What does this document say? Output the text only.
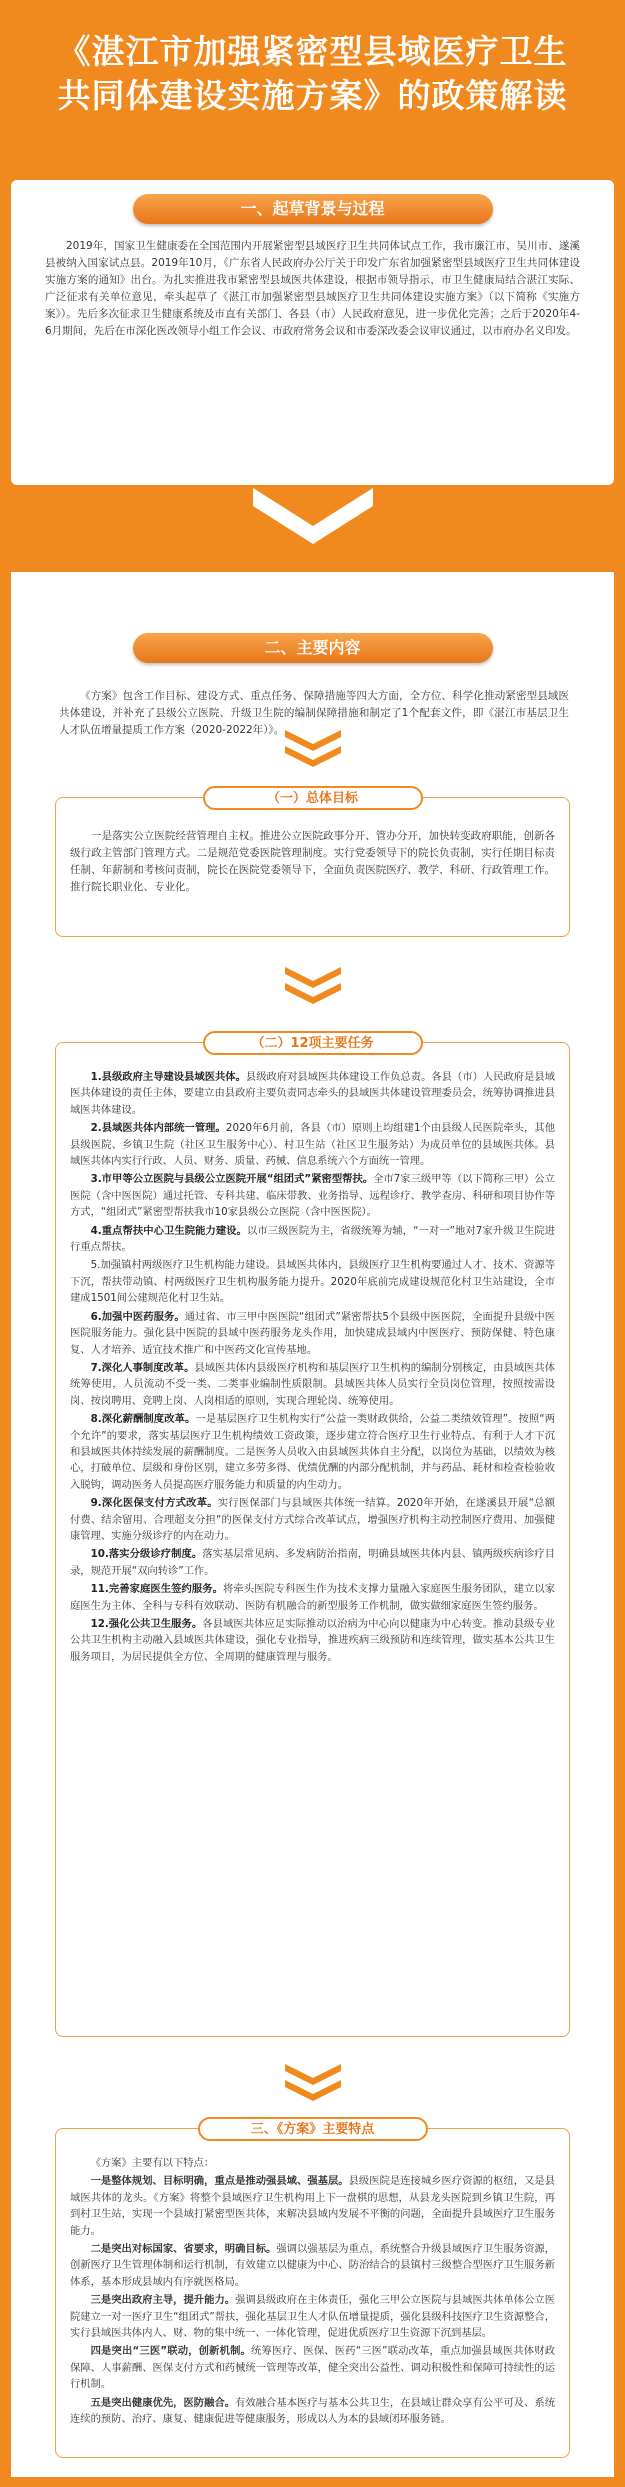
《湛江市加强紧密型县域医疗卫生
共同体建设实施方案》的政策解读
一、起草背景与过程
2019年，国家卫生健康委在全国范围内开展紧密型县域医疗卫生共同体试点工作，我市廉江市、吴川市、遂溪县被纳入国家试点县。2019年10月，《广东省人民政府办公厅关于印发广东省加强紧密型县域医疗卫生共同体建设实施方案的通知》出台。为扎实推进我市紧密型县域医共体建设，根据市领导指示，市卫生健康局结合湛江实际、广泛征求有关单位意见，牵头起草了《湛江市加强紧密型县域医疗卫生共同体建设实施方案》（以下简称《实施方案》）。先后多次征求卫生健康系统及市直有关部门、各县（市）人民政府意见，进一步优化完善；之后于2020年4-6月期间，先后在市深化医改领导小组工作会议、市政府常务会议和市委深改委会议审议通过，以市府办名义印发。
二、主要内容
《方案》包含工作目标、建设方式、重点任务、保障措施等四大方面，全方位、科学化推动紧密型县域医共体建设，并补充了县级公立医院、升级卫生院的编制保障措施和制定了1个配套文件，即《湛江市基层卫生人才队伍增量提质工作方案（2020-2022年）》。
（一）总体目标
一是落实公立医院经营管理自主权。推进公立医院政事分开、管办分开，加快转变政府职能，创新各级行政主管部门管理方式。二是规范党委医院管理制度。实行党委领导下的院长负责制，实行任期目标责任制、年薪制和考核问责制，院长在医院党委领导下，全面负责医院医疗、教学、科研、行政管理工作。推行院长职业化、专业化。
（二）12项主要任务
1.县级政府主导建设县域医共体。县级政府对县域医共体建设工作负总责。各县（市）人民政府是县域医共体建设的责任主体，要建立由县政府主要负责同志牵头的县域医共体建设管理委员会，统筹协调推进县域医共体建设。
2.县域医共体内部统一管理。2020年6月前，各县（市）原则上均组建1个由县级人民医院牵头，其他县级医院、乡镇卫生院（社区卫生服务中心）、村卫生站（社区卫生服务站）为成员单位的县域医共体。县域医共体内实行行政、人员、财务、质量、药械、信息系统六个方面统一管理。
3.市甲等公立医院与县级公立医院开展“组团式”紧密型帮扶。全市7家三级甲等（以下简称三甲）公立医院（含中医医院）通过托管、专科共建、临床带教、业务指导、远程诊疗、教学查房、科研和项目协作等方式，“组团式”紧密型帮扶我市10家县级公立医院（含中医医院）。
4.重点帮扶中心卫生院能力建设。以市三级医院为主，省级统筹为辅，“一对一”地对7家升级卫生院进行重点帮扶。
5.加强镇村两级医疗卫生机构能力建设。县域医共体内，县级医疗卫生机构要通过人才、技术、资源等下沉，帮扶带动镇、村两级医疗卫生机构服务能力提升。2020年底前完成建设规范化村卫生站建设，全市建成1501间公建规范化村卫生站。
6.加强中医药服务。通过省、市三甲中医医院“组团式”紧密帮扶5个县级中医医院，全面提升县级中医医院服务能力。强化县中医院的县域中医药服务龙头作用，加快建成县域内中医医疗、预防保健、特色康复、人才培养、适宜技术推广和中医药文化宣传基地。
7.深化人事制度改革。县域医共体内县级医疗机构和基层医疗卫生机构的编制分别核定，由县域医共体统筹使用，人员流动不受一类、二类事业编制性质限制。县域医共体人员实行全员岗位管理，按照按需设岗、按岗聘用、竞聘上岗、人岗相适的原则，实现合理轮岗、统筹使用。
8.深化薪酬制度改革。一是基层医疗卫生机构实行“公益一类财政供给，公益二类绩效管理”。按照“两个允许”的要求，落实基层医疗卫生机构绩效工资政策，逐步建立符合医疗卫生行业特点、有利于人才下沉和县域医共体持续发展的薪酬制度。二是医务人员收入由县域医共体自主分配，以岗位为基础，以绩效为核心，打破单位、层级和身份区别，建立多劳多得、优绩优酬的内部分配机制，并与药品、耗材和检查检验收入脱钩，调动医务人员提高医疗服务能力和质量的内生动力。
9.深化医保支付方式改革。实行医保部门与县域医共体统一结算。2020年开始，在遂溪县开展“总额付费、结余留用、合理超支分担”的医保支付方式综合改革试点，增强医疗机构主动控制医疗费用、加强健康管理、实施分级诊疗的内在动力。
10.落实分级诊疗制度。落实基层常见病、多发病防治指南，明确县域医共体内县、镇两级疾病诊疗目录，规范开展“双向转诊”工作。
11.完善家庭医生签约服务。将牵头医院专科医生作为技术支撑力量融入家庭医生服务团队，建立以家庭医生为主体、全科与专科有效联动、医防有机融合的新型服务工作机制，做实做细家庭医生签约服务。
12.强化公共卫生服务。各县域医共体应足实际推动以治病为中心向以健康为中心转变。推动县级专业公共卫生机构主动融入县域医共体建设，强化专业指导，推进疾病三级预防和连续管理，做实基本公共卫生服务项目，为居民提供全方位、全周期的健康管理与服务。
三、《方案》主要特点
《方案》主要有以下特点：
一是整体规划、目标明确，重点是推动强县域、强基层。县级医院是连接城乡医疗资源的枢纽，又是县域医共体的龙头。《方案》将整个县域医疗卫生机构用上下一盘棋的思想，从县龙头医院到乡镇卫生院，再到村卫生站，实现一个县域打紧密型医共体，来解决县域内发展不平衡的问题，全面提升县域医疗卫生服务能力。
二是突出对标国家、省要求，明确目标。强调以强基层为重点，系统整合升级县域医疗卫生服务资源，创新医疗卫生管理体制和运行机制，有效建立以健康为中心、防治结合的县镇村三级整合型医疗卫生服务新体系，基本形成县域内有序就医格局。
三是突出政府主导，提升能力。强调县级政府在主体责任，强化三甲公立医院与县域医共体单体公立医院建立一对一医疗卫生“组团式”帮扶，强化基层卫生人才队伍增量提质，强化县级科技医疗卫生资源整合，实行县域医共体内人、财、物的集中统一、一体化管理，促进优质医疗卫生资源下沉到基层。
四是突出“三医”联动，创新机制。统筹医疗、医保、医药“三医”联动改革，重点加强县域医共体财政保障、人事薪酬、医保支付方式和药械统一管理等改革，健全突出公益性、调动积极性和保障可持续性的运行机制。
五是突出健康优先，医防融合。有效融合基本医疗与基本公共卫生，在县域让群众享有公平可及、系统连续的预防、治疗、康复、健康促进等健康服务，形成以人为本的县域闭环服务链。
